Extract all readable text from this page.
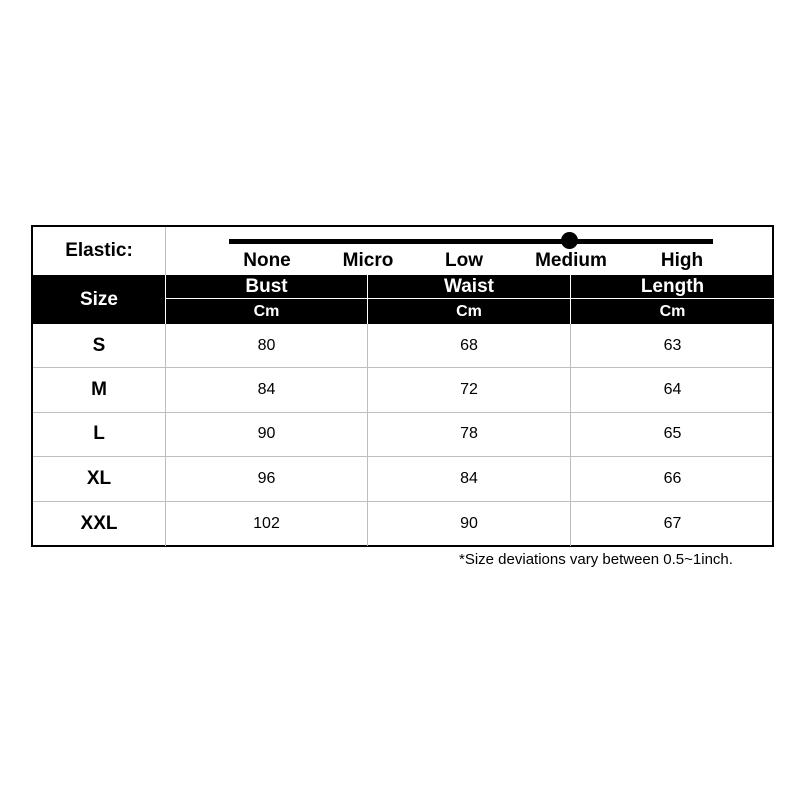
Elastic:	None	Micro	Low	Medium	High
Size
Bust	Waist	Length
Cm	Cm	Cm
S	80	68	63
M	84	72	64
L	90	78	65
XL	96	84	66
XXL	102	90	67
*Size deviations vary between 0.5~1inch.
